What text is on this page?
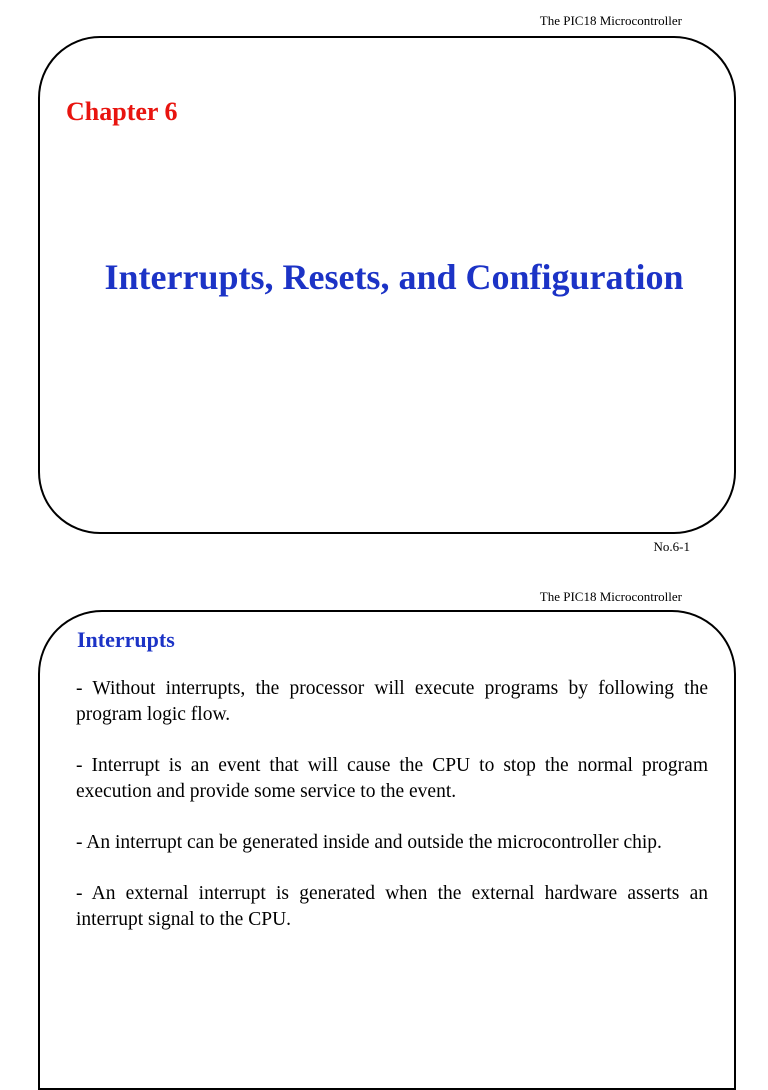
The PIC18 Microcontroller
Chapter 6
Interrupts, Resets, and Configuration
No.6-1
The PIC18 Microcontroller
Interrupts
- Without interrupts, the processor will execute programs by following the program logic flow.
- Interrupt is an event that will cause the CPU to stop the normal program execution and provide some service to the event.
- An interrupt can be generated inside and outside the microcontroller chip.
- An external interrupt is generated when the external hardware asserts an interrupt signal to the CPU.
